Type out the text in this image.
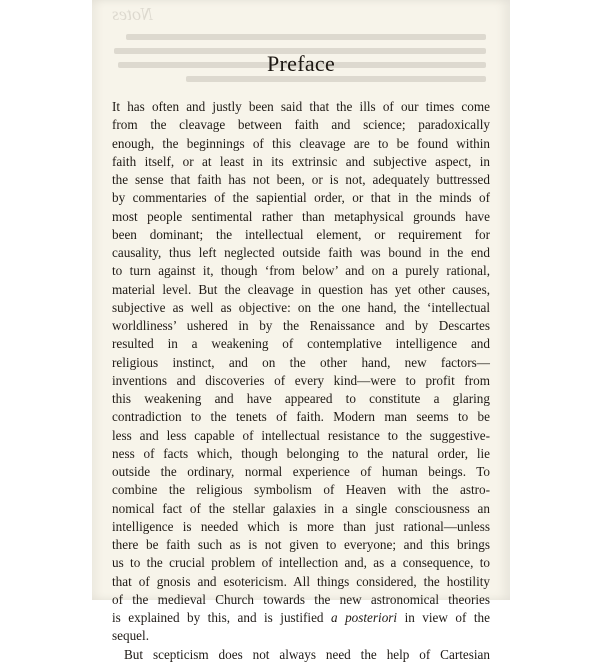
Notes
Preface
It has often and justly been said that the ills of our times come
from the cleavage between faith and science; paradoxically
enough, the beginnings of this cleavage are to be found within
faith itself, or at least in its extrinsic and subjective aspect, in
the sense that faith has not been, or is not, adequately buttressed
by commentaries of the sapiential order, or that in the minds of
most people sentimental rather than metaphysical grounds have
been dominant; the intellectual element, or requirement for
causality, thus left neglected outside faith was bound in the end
to turn against it, though ‘from below’ and on a purely rational,
material level. But the cleavage in question has yet other causes,
subjective as well as objective: on the one hand, the ‘intellectual
worldliness’ ushered in by the Renaissance and by Descartes
resulted in a weakening of contemplative intelligence and
religious instinct, and on the other hand, new factors—
inventions and discoveries of every kind—were to profit from
this weakening and have appeared to constitute a glaring
contradiction to the tenets of faith. Modern man seems to be
less and less capable of intellectual resistance to the suggestive-
ness of facts which, though belonging to the natural order, lie
outside the ordinary, normal experience of human beings. To
combine the religious symbolism of Heaven with the astro-
nomical fact of the stellar galaxies in a single consciousness an
intelligence is needed which is more than just rational—unless
there be faith such as is not given to everyone; and this brings
us to the crucial problem of intellection and, as a consequence, to
that of gnosis and esotericism. All things considered, the hostility
of the medieval Church towards the new astronomical theories
is explained by this, and is justified a posteriori in view of the
sequel.
But scepticism does not always need the help of Cartesian
